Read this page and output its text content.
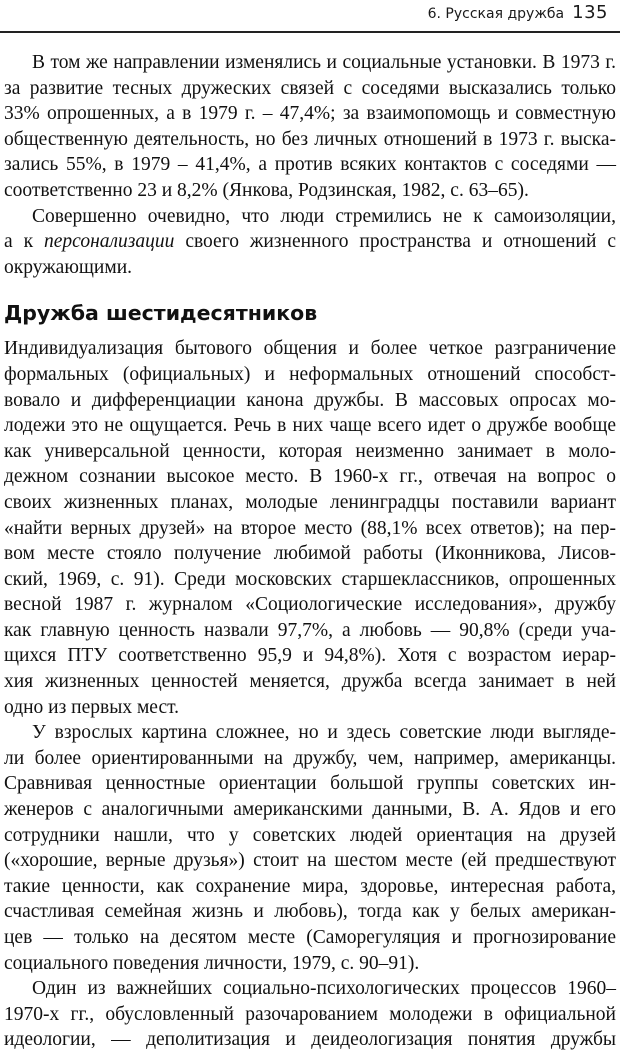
6. Русская дружба 135
В том же направлении изменялись и социальные установки. В 1973 г.
за развитие тесных дружеских связей с соседями высказались только
33% опрошенных, а в 1979 г. – 47,4%; за взаимопомощь и совместную
общественную деятельность, но без личных отношений в 1973 г. выска-
зались 55%, в 1979 – 41,4%, а против всяких контактов с соседями —
соответственно 23 и 8,2% (Янкова, Родзинская, 1982, с. 63–65).
Совершенно очевидно, что люди стремились не к самоизоляции,
а к персонализации своего жизненного пространства и отношений с
окружающими.
Дружба шестидесятников
Индивидуализация бытового общения и более четкое разграничение
формальных (официальных) и неформальных отношений способст-
вовало и дифференциации канона дружбы. В массовых опросах мо-
лодежи это не ощущается. Речь в них чаще всего идет о дружбе вообще
как универсальной ценности, которая неизменно занимает в моло-
дежном сознании высокое место. В 1960-х гг., отвечая на вопрос о
своих жизненных планах, молодые ленинградцы поставили вариант
«найти верных друзей» на второе место (88,1% всех ответов); на пер-
вом месте стояло получение любимой работы (Иконникова, Лисов-
ский, 1969, с. 91). Среди московских старшеклассников, опрошенных
весной 1987 г. журналом «Социологические исследования», дружбу
как главную ценность назвали 97,7%, а любовь — 90,8% (среди уча-
щихся ПТУ соответственно 95,9 и 94,8%). Хотя с возрастом иерар-
хия жизненных ценностей меняется, дружба всегда занимает в ней
одно из первых мест.
У взрослых картина сложнее, но и здесь советские люди выгляде-
ли более ориентированными на дружбу, чем, например, американцы.
Сравнивая ценностные ориентации большой группы советских ин-
женеров с аналогичными американскими данными, В. А. Ядов и его
сотрудники нашли, что у советских людей ориентация на друзей
(«хорошие, верные друзья») стоит на шестом месте (ей предшествуют
такие ценности, как сохранение мира, здоровье, интересная работа,
счастливая семейная жизнь и любовь), тогда как у белых американ-
цев — только на десятом месте (Саморегуляция и прогнозирование
социального поведения личности, 1979, с. 90–91).
Один из важнейших социально-психологических процессов 1960–
1970-х гг., обусловленный разочарованием молодежи в официальной
идеологии, — деполитизация и деидеологизация понятия дружбы
